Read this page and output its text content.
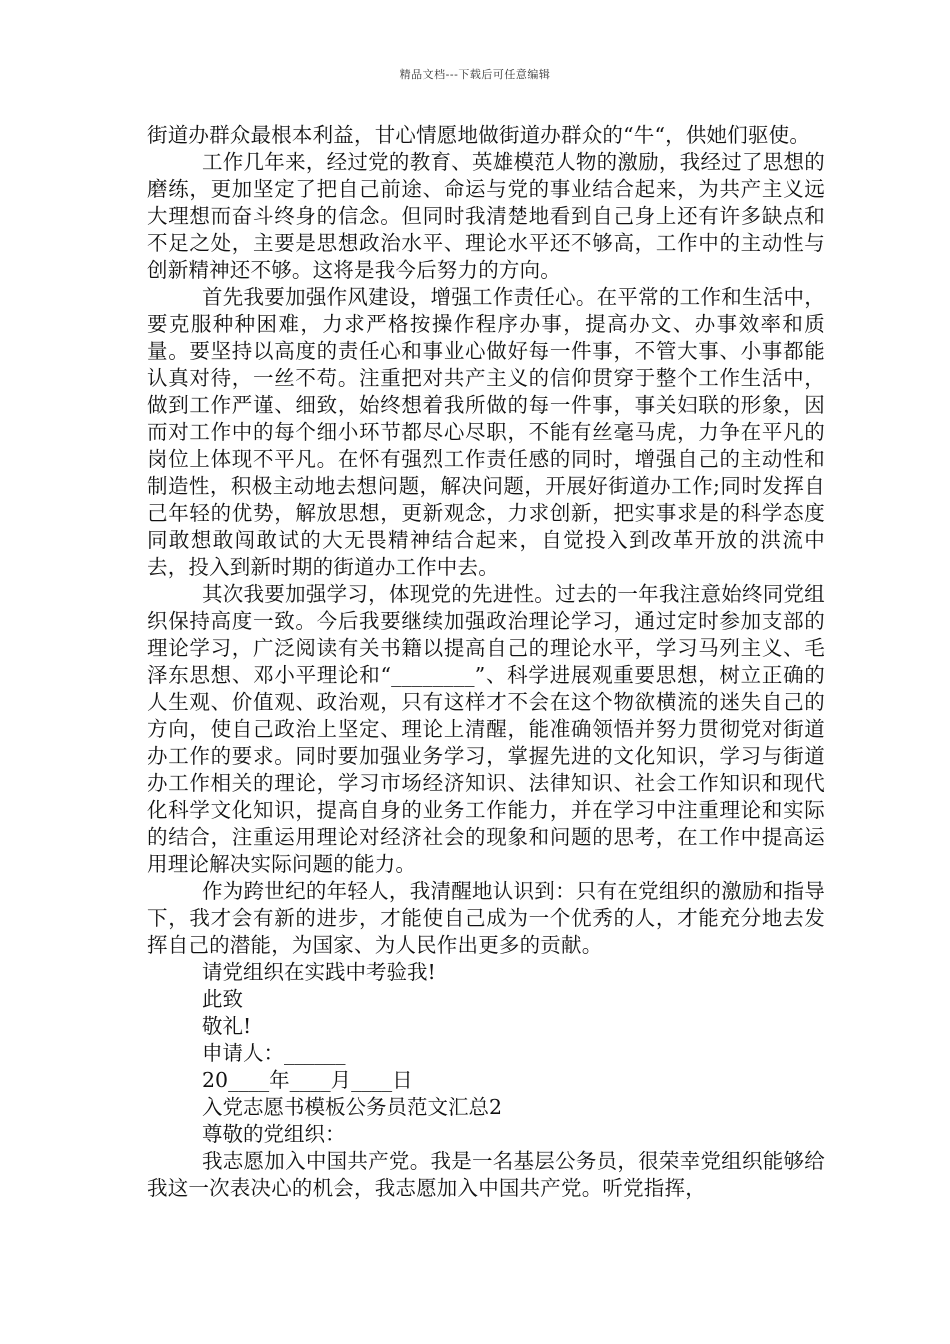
精品文档---下载后可任意编辑

街道办群众最根本利益，甘心情愿地做街道办群众的“牛“，供她们驱使。

工作几年来，经过党的教育、英雄模范人物的激励，我经过了思想的磨练，更加坚定了把自己前途、命运与党的事业结合起来，为共产主义远大理想而奋斗终身的信念。但同时我清楚地看到自己身上还有许多缺点和不足之处，主要是思想政治水平、理论水平还不够高，工作中的主动性与创新精神还不够。这将是我今后努力的方向。

首先我要加强作风建设，增强工作责任心。在平常的工作和生活中，要克服种种困难，力求严格按操作程序办事，提高办文、办事效率和质量。要坚持以高度的责任心和事业心做好每一件事，不管大事、小事都能认真对待，一丝不苟。注重把对共产主义的信仰贯穿于整个工作生活中，做到工作严谨、细致，始终想着我所做的每一件事，事关妇联的形象，因而对工作中的每个细小环节都尽心尽职，不能有丝毫马虎，力争在平凡的岗位上体现不平凡。在怀有强烈工作责任感的同时，增强自己的主动性和制造性，积极主动地去想问题，解决问题，开展好街道办工作;同时发挥自己年轻的优势，解放思想，更新观念，力求创新，把实事求是的科学态度同敢想敢闯敢试的大无畏精神结合起来，自觉投入到改革开放的洪流中去，投入到新时期的街道办工作中去。

其次我要加强学习，体现党的先进性。过去的一年我注意始终同党组织保持高度一致。今后我要继续加强政治理论学习，通过定时参加支部的理论学习，广泛阅读有关书籍以提高自己的理论水平，学习马列主义、毛泽东思想、邓小平理论和“________”、科学进展观重要思想，树立正确的人生观、价值观、政治观，只有这样才不会在这个物欲横流的迷失自己的方向，使自己政治上坚定、理论上清醒，能准确领悟并努力贯彻党对街道办工作的要求。同时要加强业务学习，掌握先进的文化知识，学习与街道办工作相关的理论，学习市场经济知识、法律知识、社会工作知识和现代化科学文化知识，提高自身的业务工作能力，并在学习中注重理论和实际的结合，注重运用理论对经济社会的现象和问题的思考，在工作中提高运用理论解决实际问题的能力。

作为跨世纪的年轻人，我清醒地认识到：只有在党组织的激励和指导下，我才会有新的进步，才能使自己成为一个优秀的人，才能充分地去发挥自己的潜能，为国家、为人民作出更多的贡献。

请党组织在实践中考验我!

此致

敬礼!

申请人：______

20____年____月____日

入党志愿书模板公务员范文汇总2

尊敬的党组织：

我志愿加入中国共产党。我是一名基层公务员，很荣幸党组织能够给我这一次表决心的机会，我志愿加入中国共产党。听党指挥，
